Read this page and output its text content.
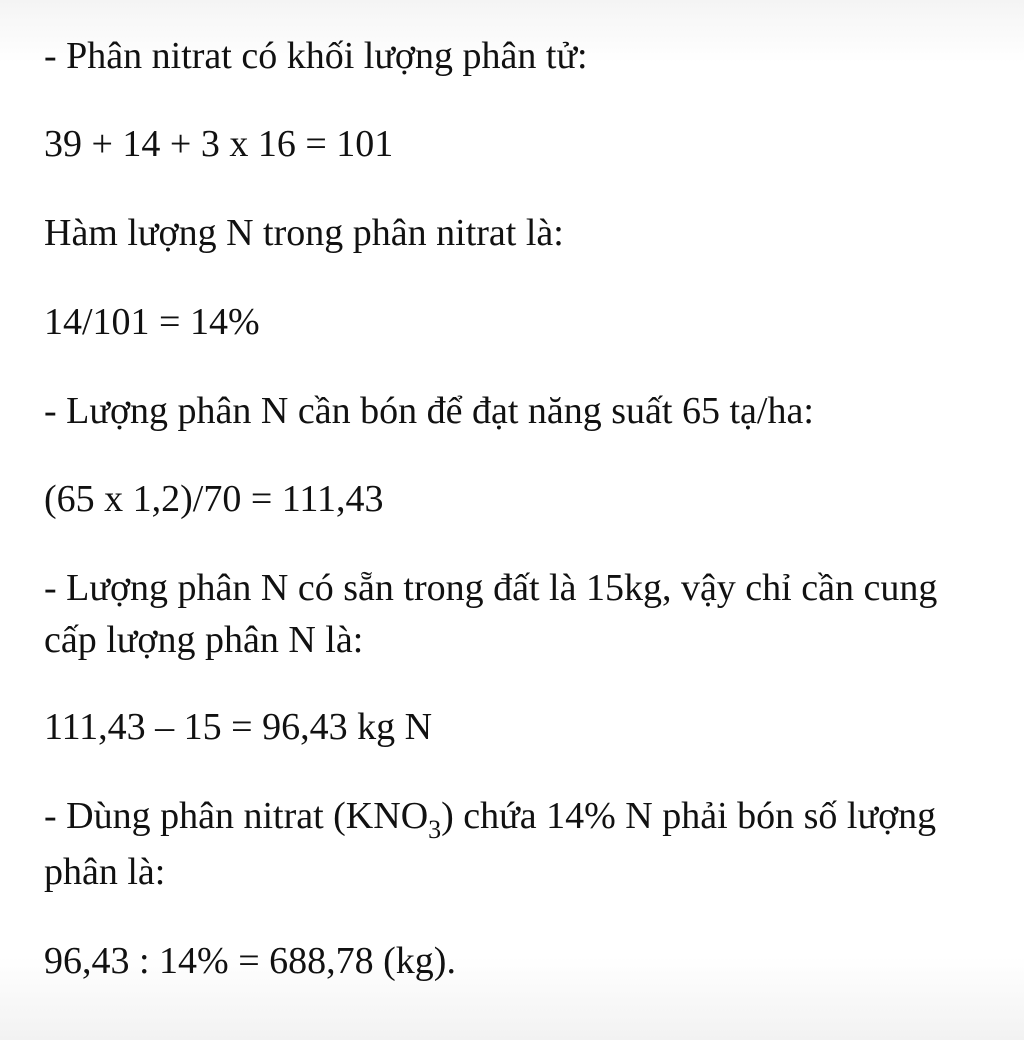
- Phân nitrat có khối lượng phân tử:
39 + 14 + 3 x 16 = 101
Hàm lượng N trong phân nitrat là:
14/101 = 14%
- Lượng phân N cần bón để đạt năng suất 65 tạ/ha:
(65 x 1,2)/70 = 111,43
- Lượng phân N có sẵn trong đất là 15kg, vậy chỉ cần cung
cấp lượng phân N là:
111,43 – 15 = 96,43 kg N
- Dùng phân nitrat $(KNO_3)$ chứa 14% N phải bón số lượng
phân là:
96,43 : 14% = 688,78 (kg).
